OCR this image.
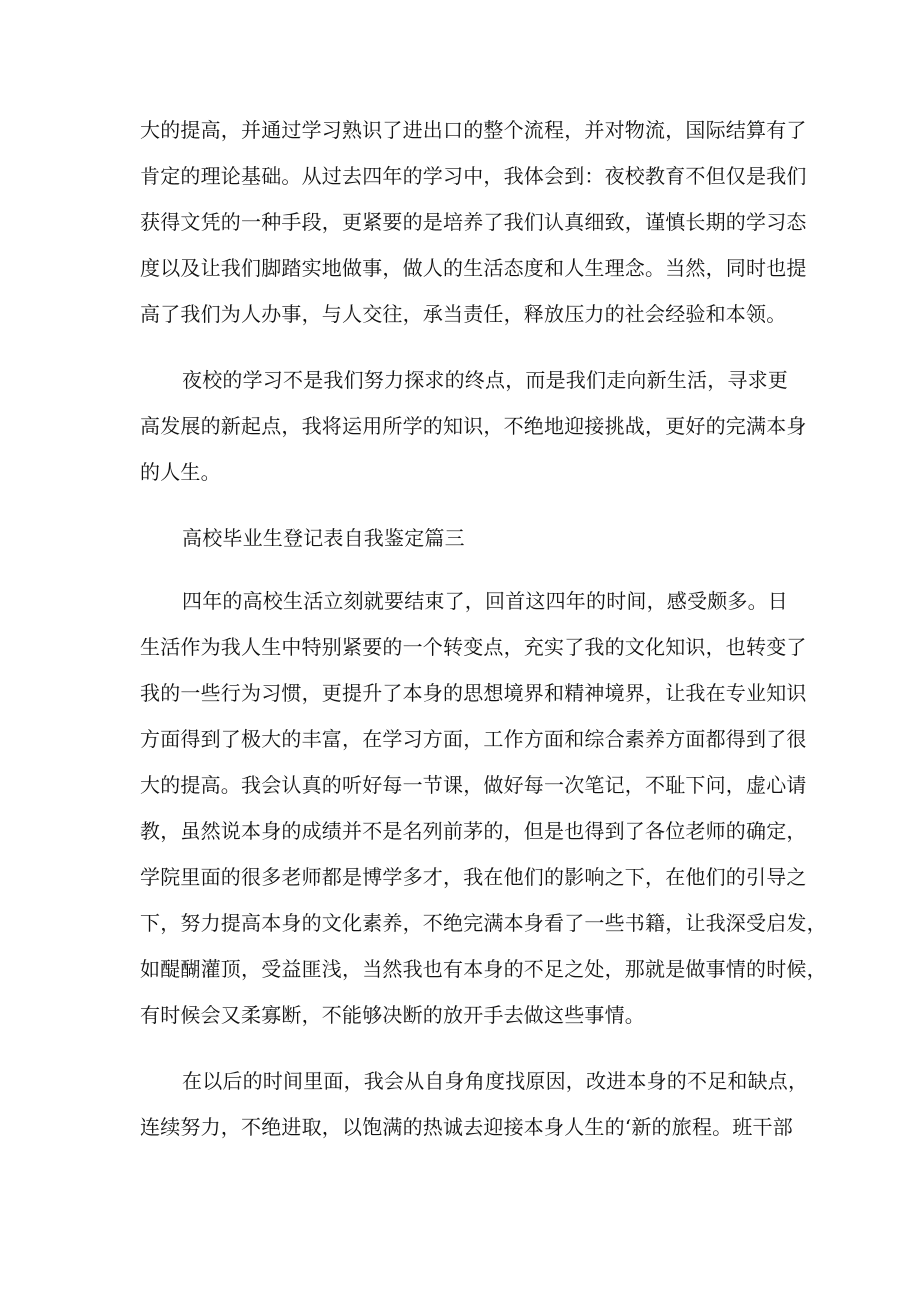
大的提高，并通过学习熟识了进出口的整个流程，并对物流，国际结算有了
肯定的理论基础。从过去四年的学习中，我体会到：夜校教育不但仅是我们
获得文凭的一种手段，更紧要的是培养了我们认真细致，谨慎长期的学习态
度以及让我们脚踏实地做事，做人的生活态度和人生理念。当然，同时也提
高了我们为人办事，与人交往，承当责任，释放压力的社会经验和本领。
夜校的学习不是我们努力探求的终点，而是我们走向新生活，寻求更
高发展的新起点，我将运用所学的知识，不绝地迎接挑战，更好的完满本身
的人生。
高校毕业生登记表自我鉴定篇三
四年的高校生活立刻就要结束了，回首这四年的时间，感受颇多。日
生活作为我人生中特别紧要的一个转变点，充实了我的文化知识，也转变了
我的一些行为习惯，更提升了本身的思想境界和精神境界，让我在专业知识
方面得到了极大的丰富，在学习方面，工作方面和综合素养方面都得到了很
大的提高。我会认真的听好每一节课，做好每一次笔记，不耻下问，虚心请
教，虽然说本身的成绩并不是名列前茅的，但是也得到了各位老师的确定，
学院里面的很多老师都是博学多才，我在他们的影响之下，在他们的引导之
下，努力提高本身的文化素养，不绝完满本身看了一些书籍，让我深受启发，
如醍醐灌顶，受益匪浅，当然我也有本身的不足之处，那就是做事情的时候，
有时候会又柔寡断，不能够决断的放开手去做这些事情。
在以后的时间里面，我会从自身角度找原因，改进本身的不足和缺点，
连续努力，不绝进取，以饱满的热诚去迎接本身人生的‘新的旅程。班干部
